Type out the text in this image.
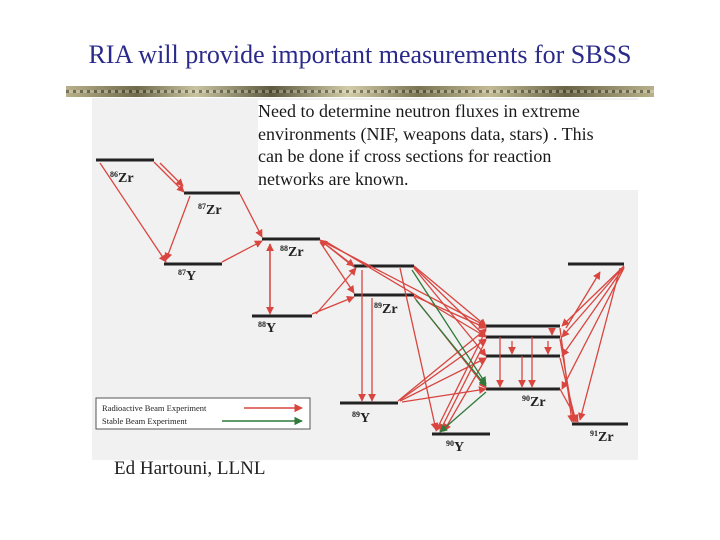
RIA will provide important measurements for SBSS
$^{86}$Zr
$^{87}$Zr
$^{87}$Y
$^{88}$Zr
$^{88}$Y
$^{89}$Zr
$^{89}$Y
$^{90}$Zr
$^{90}$Y
$^{91}$Zr
Radioactive Beam Experiment
Stable Beam Experiment
Need to determine neutron fluxes in extreme
environments (NIF, weapons data, stars) . This
can be done if cross sections for reaction
networks are known.
Ed Hartouni, LLNL
